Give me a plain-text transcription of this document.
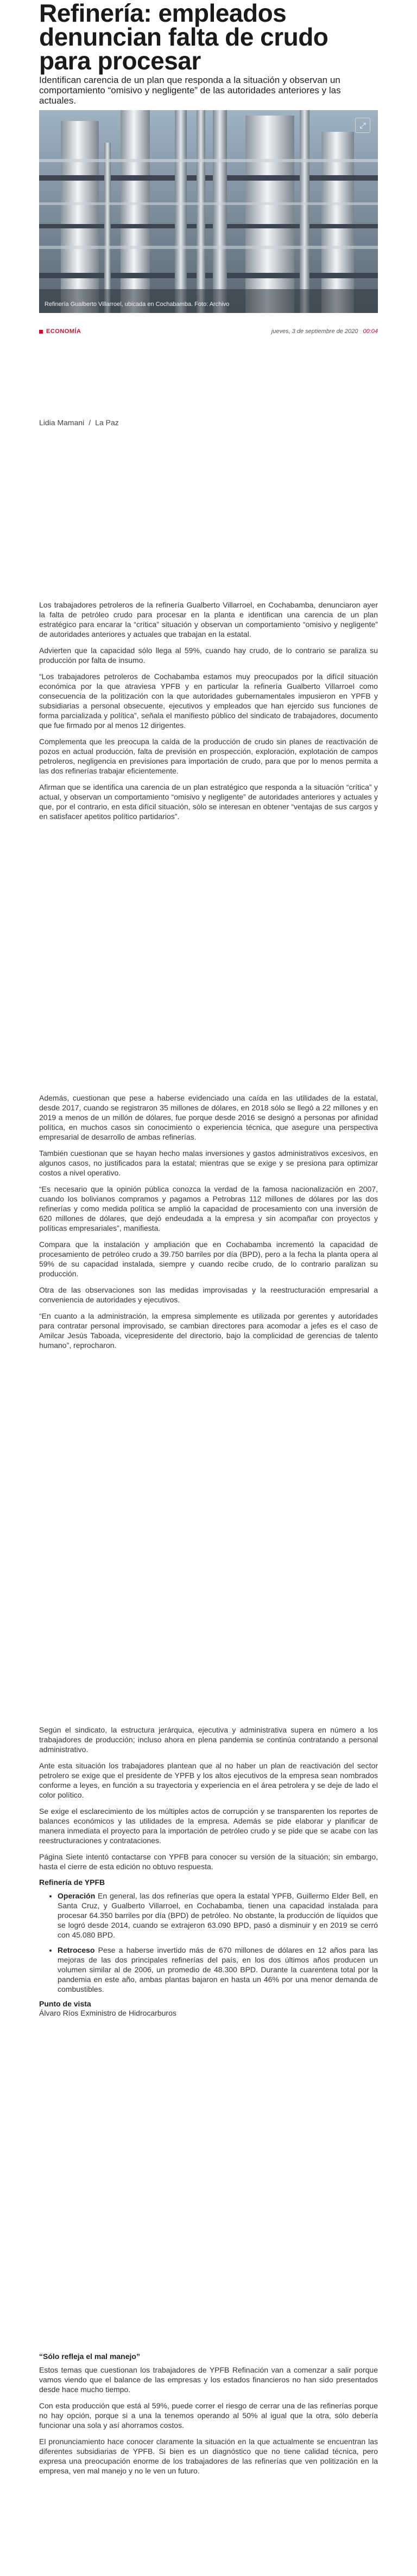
Refinería: empleados denuncian falta de crudo para procesar

Identifican carencia de un plan que responda a la situación y observan un comportamiento “omisivo y negligente” de las autoridades anteriores y las actuales.

⤢
Refinería Gualberto Villarroel, ubicada en Cochabamba. Foto: Archivo
ECONOMÍA	jueves, 3 de septiembre de 2020 00:04
Lidia Mamani / La Paz

Los trabajadores petroleros de la refinería Gualberto Villarroel, en Cochabamba, denunciaron ayer la falta de petróleo crudo para procesar en la planta e identifican una carencia de un plan estratégico para encarar la “crítica” situación y observan un comportamiento “omisivo y negligente” de autoridades anteriores y actuales que trabajan en la estatal.

Advierten que la capacidad sólo llega al 59%, cuando hay crudo, de lo contrario se paraliza su producción por falta de insumo.

“Los trabajadores petroleros de Cochabamba estamos muy preocupados por la difícil situación económica por la que atraviesa YPFB y en particular la refinería Gualberto Villarroel como consecuencia de la politización con la que autoridades gubernamentales impusieron en YPFB y subsidiarias a personal obsecuente, ejecutivos y empleados que han ejercido sus funciones de forma parcializada y política”, señala el manifiesto público del sindicato de trabajadores, documento que fue firmado por al menos 12 dirigentes.

Complementa que les preocupa la caída de la producción de crudo sin planes de reactivación de pozos en actual producción, falta de previsión en prospección, exploración, explotación de campos petroleros, negligencia en previsiones para importación de crudo, para que por lo menos permita a las dos refinerías trabajar eficientemente.

Afirman que se identifica una carencia de un plan estratégico que responda a la situación “crítica” y actual, y observan un comportamiento “omisivo y negligente” de autoridades anteriores y actuales y que, por el contrario, en esta difícil situación, sólo se interesan en obtener “ventajas de sus cargos y en satisfacer apetitos político partidarios”.

Además, cuestionan que pese a haberse evidenciado una caída en las utilidades de la estatal, desde 2017, cuando se registraron 35 millones de dólares, en 2018 sólo se llegó a 22 millones y en 2019 a menos de un millón de dólares, fue porque desde 2016 se designó a personas por afinidad política, en muchos casos sin conocimiento o experiencia técnica, que asegure una perspectiva empresarial de desarrollo de ambas refinerías.

También cuestionan que se hayan hecho malas inversiones y gastos administrativos excesivos, en algunos casos, no justificados para la estatal; mientras que se exige y se presiona para optimizar costos a nivel operativo.

“Es necesario que la opinión pública conozca la verdad de la famosa nacionalización en 2007, cuando los bolivianos compramos y pagamos a Petrobras 112 millones de dólares por las dos refinerías y como medida política se amplió la capacidad de procesamiento con una inversión de 620 millones de dólares, que dejó endeudada a la empresa y sin acompañar con proyectos y políticas empresariales”, manifiesta.

Compara que la instalación y ampliación que en Cochabamba incrementó la capacidad de procesamiento de petróleo crudo a 39.750 barriles por día (BPD), pero a la fecha la planta opera al 59% de su capacidad instalada, siempre y cuando recibe crudo, de lo contrario paralizan su producción.

Otra de las observaciones son las medidas improvisadas y la reestructuración empresarial a conveniencia de autoridades y ejecutivos.

“En cuanto a la administración, la empresa simplemente es utilizada por gerentes y autoridades para contratar personal improvisado, se cambian directores para acomodar a jefes es el caso de Amilcar Jesús Taboada, vicepresidente del directorio, bajo la complicidad de gerencias de talento humano”, reprocharon.

Según el sindicato, la estructura jerárquica, ejecutiva y administrativa supera en número a los trabajadores de producción; incluso ahora en plena pandemia se continúa contratando a personal administrativo.

Ante esta situación los trabajadores plantean que al no haber un plan de reactivación del sector petrolero se exige que el presidente de YPFB y los altos ejecutivos de la empresa sean nombrados conforme a leyes, en función a su trayectoria y experiencia en el área petrolera y se deje de lado el color político.

Se exige el esclarecimiento de los múltiples actos de corrupción y se transparenten los reportes de balances económicos y las utilidades de la empresa. Además se pide elaborar y planificar de manera inmediata el proyecto para la importación de petróleo crudo y se pide que se acabe con las reestructuraciones y contrataciones.

Página Siete intentó contactarse con YPFB para conocer su versión de la situación; sin embargo, hasta el cierre de esta edición no obtuvo respuesta.

Refinería de YPFB
• Operación En general, las dos refinerías que opera la estatal YPFB, Guillermo Elder Bell, en Santa Cruz, y Gualberto Villarroel, en Cochabamba, tienen una capacidad instalada para procesar 64.350 barriles por día (BPD) de petróleo. No obstante, la producción de líquidos que se logró desde 2014, cuando se extrajeron 63.090 BPD, pasó a disminuir y en 2019 se cerró con 45.080 BPD.
• Retroceso Pese a haberse invertido más de 670 millones de dólares en 12 años para las mejoras de las dos principales refinerías del país, en los dos últimos años producen un volumen similar al de 2006, un promedio de 48.300 BPD. Durante la cuarentena total por la pandemia en este año, ambas plantas bajaron en hasta un 46% por una menor demanda de combustibles.
Punto de vista
Álvaro Ríos Exministro de Hidrocarburos
“Sólo refleja el mal manejo”

Estos temas que cuestionan los trabajadores de YPFB Refinación van a comenzar a salir porque vamos viendo que el balance de las empresas y los estados financieros no han sido presentados desde hace mucho tiempo.

Con esta producción que está al 59%, puede correr el riesgo de cerrar una de las refinerías porque no hay opción, porque si a una la tenemos operando al 50% al igual que la otra, sólo debería funcionar una sola y así ahorramos costos.

El pronunciamiento hace conocer claramente la situación en la que actualmente se encuentran las diferentes subsidiarias de YPFB. Si bien es un diagnóstico que no tiene calidad técnica, pero expresa una preocupación enorme de los trabajadores de las refinerías que ven politización en la empresa, ven mal manejo y no le ven un futuro.
